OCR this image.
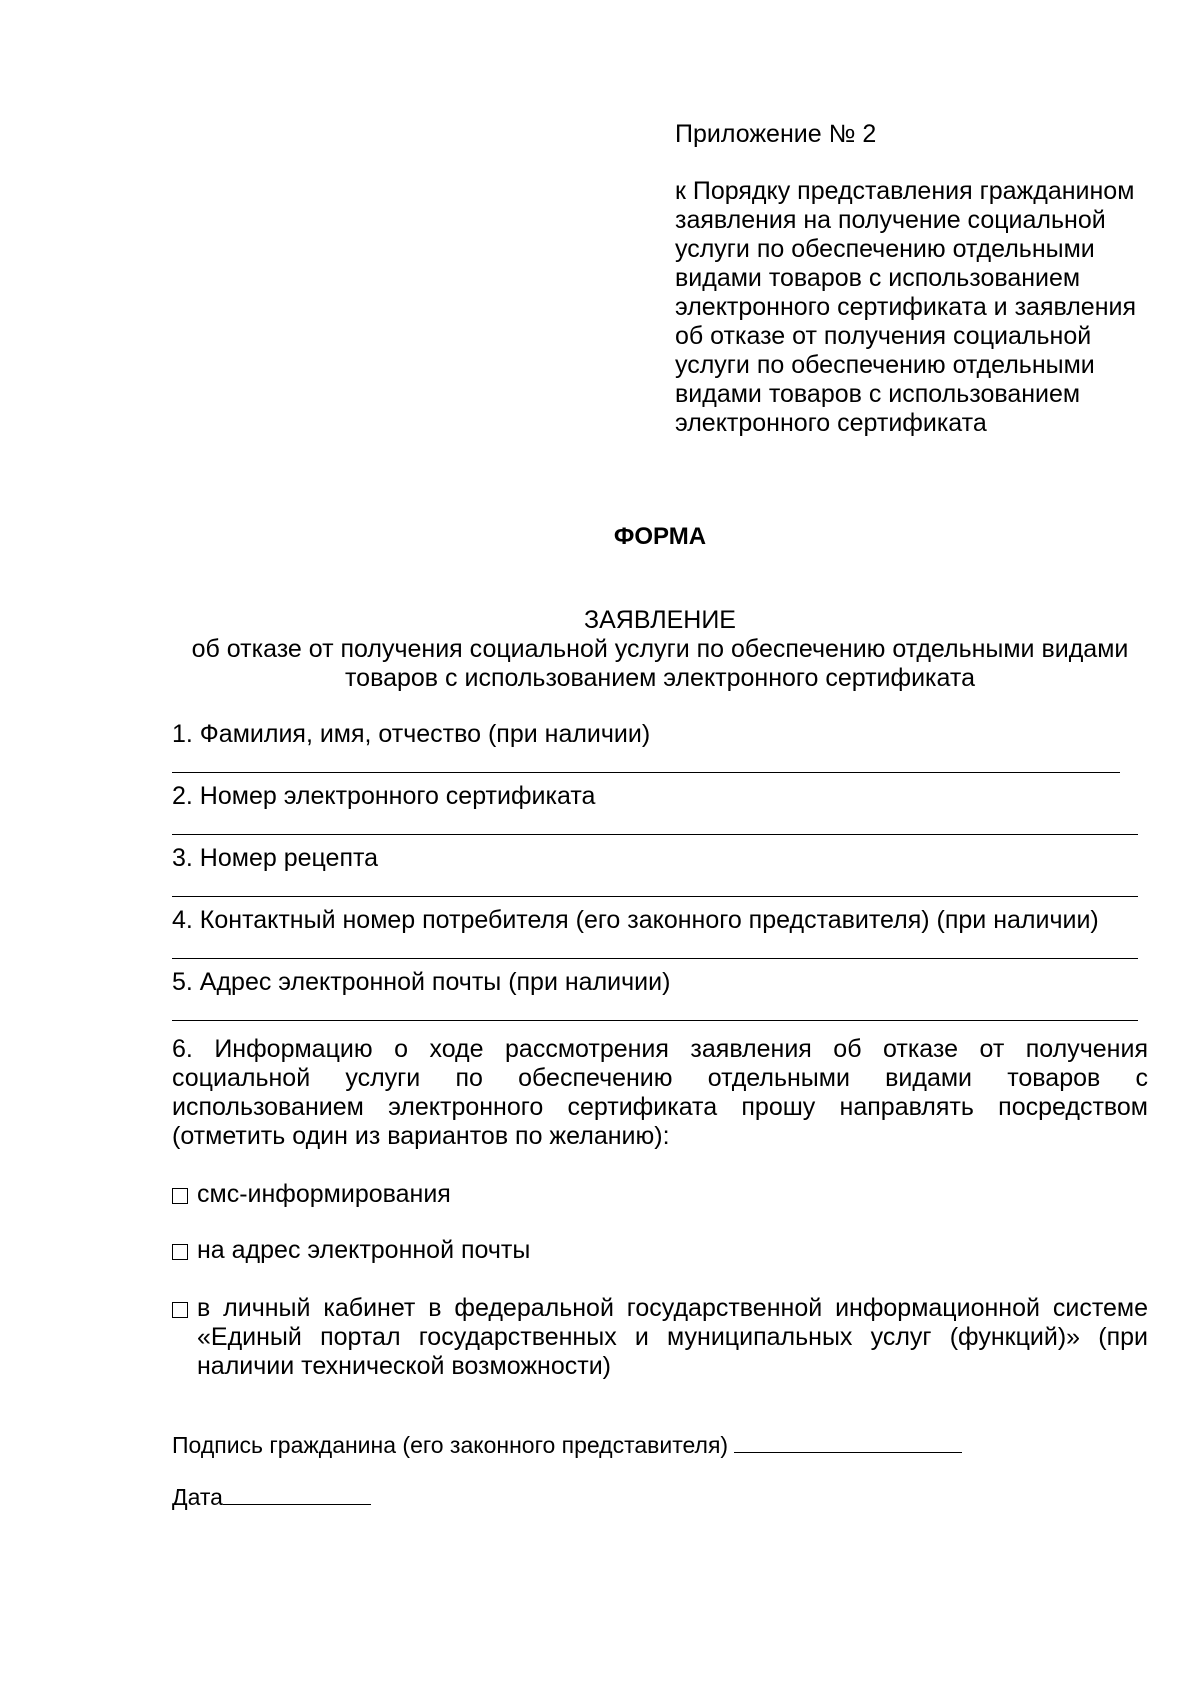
Приложение № 2

к Порядку представления гражданином заявления на получение социальной услуги по обеспечению отдельными видами товаров с использованием электронного сертификата и заявления об отказе от получения социальной услуги по обеспечению отдельными видами товаров с использованием электронного сертификата

ФОРМА
ЗАЯВЛЕНИЕ
об отказе от получения социальной услуги по обеспечению отдельными видами товаров с использованием электронного сертификата
1. Фамилия, имя, отчество (при наличии)
2. Номер электронного сертификата
3. Номер рецепта
4. Контактный номер потребителя (его законного представителя) (при наличии)
5. Адрес электронной почты (при наличии)
6. Информацию о ходе рассмотрения заявления об отказе от получения социальной услуги по обеспечению отдельными видами товаров с использованием электронного сертификата прошу направлять посредством (отметить один из вариантов по желанию):
смс-информирования
на адрес электронной почты
в личный кабинет в федеральной государственной информационной системе «Единый портал государственных и муниципальных услуг (функций)» (при наличии технической возможности)
Подпись гражданина (его законного представителя)
Дата
